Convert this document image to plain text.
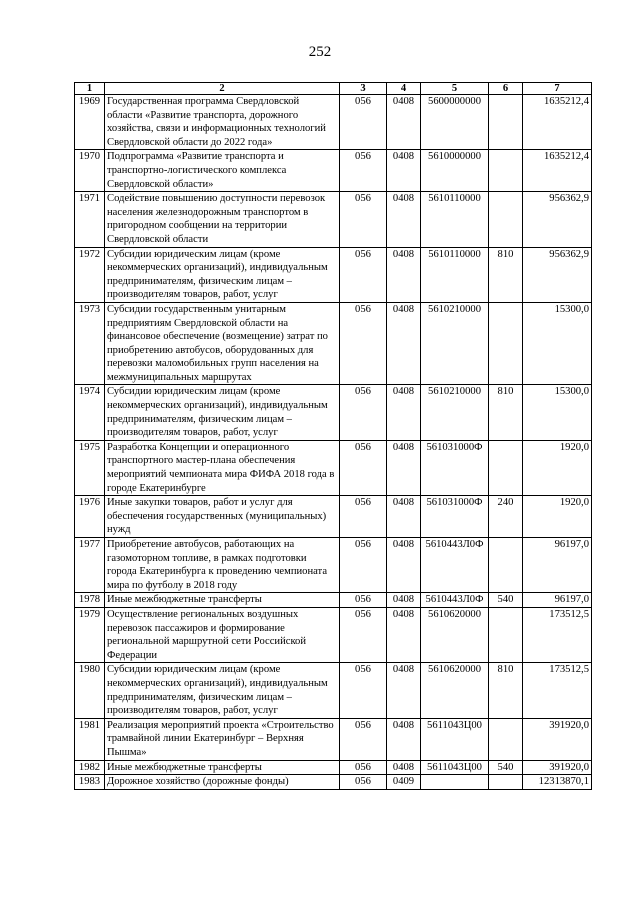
252
1	2	3	4	5	6	7
1969	Государственная программа Свердловской области «Развитие транспорта, дорожного хозяйства, связи и информационных технологий Свердловской области до 2022 года»	056	0408	5600000000		1635212,4
1970	Подпрограмма «Развитие транспорта и транспортно-логистического комплекса Свердловской области»	056	0408	5610000000		1635212,4
1971	Содействие повышению доступности перевозок населения железнодорожным транспортом в пригородном сообщении на территории Свердловской области	056	0408	5610110000		956362,9
1972	Субсидии юридическим лицам (кроме некоммерческих организаций), индивидуальным предпринимателям, физическим лицам – производителям товаров, работ, услуг	056	0408	5610110000	810	956362,9
1973	Субсидии государственным унитарным предприятиям Свердловской области на финансовое обеспечение (возмещение) затрат по приобретению автобусов, оборудованных для перевозки маломобильных групп населения на межмуниципальных маршрутах	056	0408	5610210000		15300,0
1974	Субсидии юридическим лицам (кроме некоммерческих организаций), индивидуальным предпринимателям, физическим лицам – производителям товаров, работ, услуг	056	0408	5610210000	810	15300,0
1975	Разработка Концепции и операционного транспортного мастер-плана обеспечения мероприятий чемпионата мира ФИФА 2018 года в городе Екатеринбурге	056	0408	561031000Ф		1920,0
1976	Иные закупки товаров, работ и услуг для обеспечения государственных (муниципальных) нужд	056	0408	561031000Ф	240	1920,0
1977	Приобретение автобусов, работающих на газомоторном топливе, в рамках подготовки города Екатеринбурга к проведению чемпионата мира по футболу в 2018 году	056	0408	5610443Л0Ф		96197,0
1978	Иные межбюджетные трансферты	056	0408	5610443Л0Ф	540	96197,0
1979	Осуществление региональных воздушных перевозок пассажиров и формирование региональной маршрутной сети Российской Федерации	056	0408	5610620000		173512,5
1980	Субсидии юридическим лицам (кроме некоммерческих организаций), индивидуальным предпринимателям, физическим лицам – производителям товаров, работ, услуг	056	0408	5610620000	810	173512,5
1981	Реализация мероприятий проекта «Строительство трамвайной линии Екатеринбург – Верхняя Пышма»	056	0408	5611043Ц00		391920,0
1982	Иные межбюджетные трансферты	056	0408	5611043Ц00	540	391920,0
1983	Дорожное хозяйство (дорожные фонды)	056	0409			12313870,1
